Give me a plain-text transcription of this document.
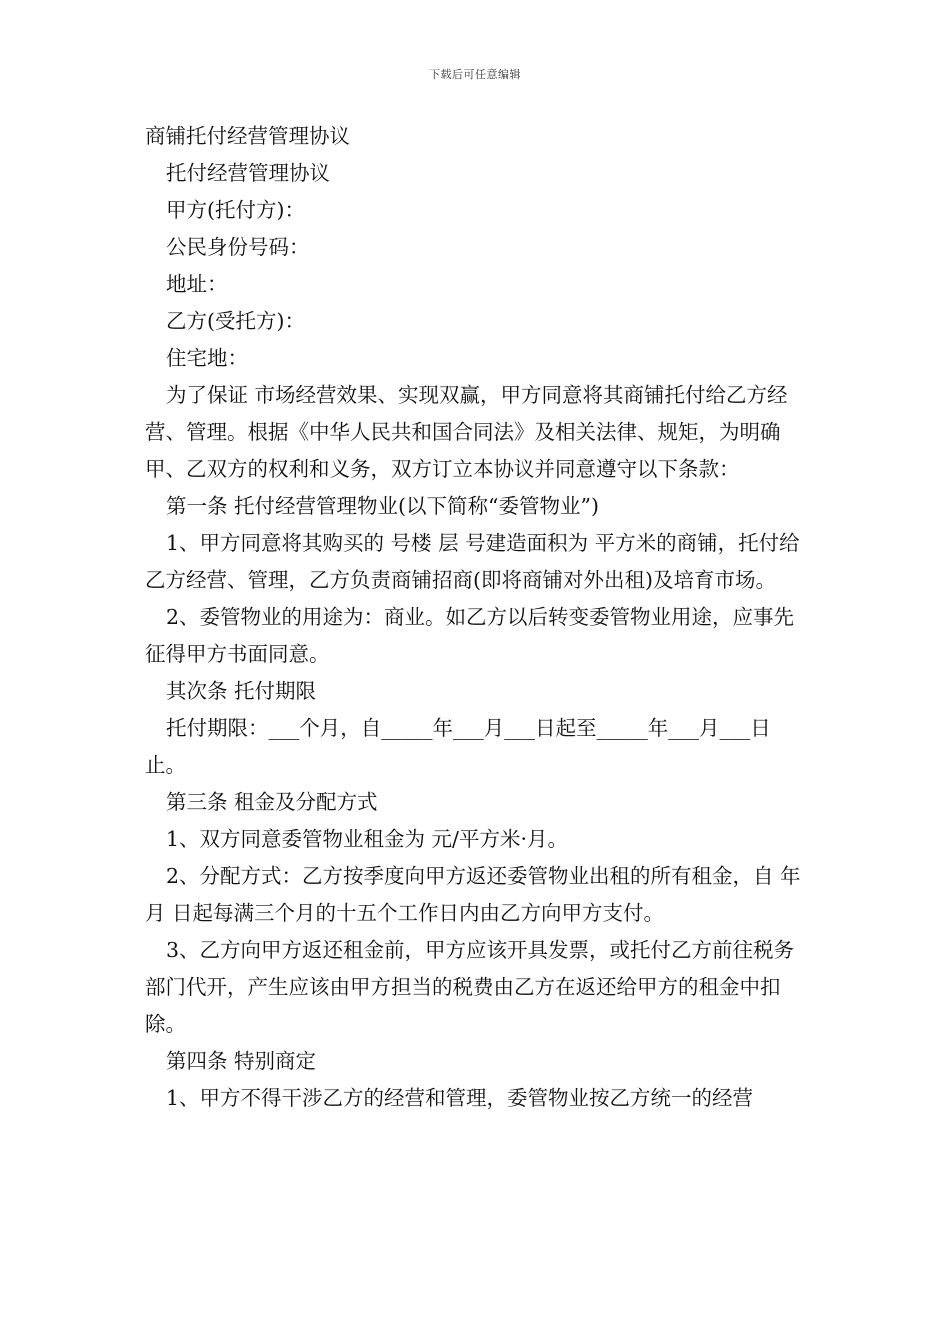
下载后可任意编辑

商铺托付经营管理协议

托付经营管理协议

甲方(托付方)：

公民身份号码：

地址：

乙方(受托方)：

住宅地：

为了保证 市场经营效果、实现双赢，甲方同意将其商铺托付给乙方经营、管理。根据《中华人民共和国合同法》及相关法律、规矩，为明确甲、乙双方的权利和义务，双方订立本协议并同意遵守以下条款：

第一条 托付经营管理物业(以下简称“委管物业”)

1、甲方同意将其购买的 号楼 层 号建造面积为 平方米的商铺，托付给乙方经营、管理，乙方负责商铺招商(即将商铺对外出租)及培育市场。

2、委管物业的用途为：商业。如乙方以后转变委管物业用途，应事先征得甲方书面同意。

其次条 托付期限

托付期限：___个月，自_____年___月___日起至_____年___月___日止。

第三条 租金及分配方式

1、双方同意委管物业租金为 元/平方米·月。

2、分配方式：乙方按季度向甲方返还委管物业出租的所有租金，自 年 月 日起每满三个月的十五个工作日内由乙方向甲方支付。

3、乙方向甲方返还租金前，甲方应该开具发票，或托付乙方前往税务部门代开，产生应该由甲方担当的税费由乙方在返还给甲方的租金中扣除。

第四条 特别商定

1、甲方不得干涉乙方的经营和管理，委管物业按乙方统一的经营
